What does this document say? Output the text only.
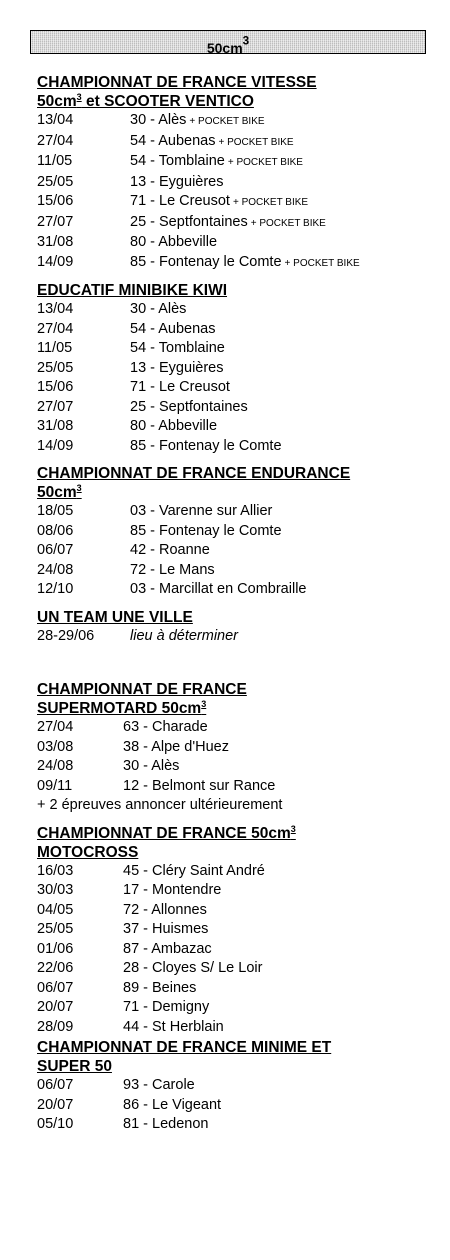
$50cm^3$
CHAMPIONNAT DE FRANCE VITESSE
$50cm^3$ et SCOOTER VENTICO
13/04	30 - Alès + POCKET BIKE
27/04	54 - Aubenas + POCKET BIKE
11/05	54 - Tomblaine + POCKET BIKE
25/05	13 - Eyguières
15/06	71 - Le Creusot + POCKET BIKE
27/07	25 - Septfontaines + POCKET BIKE
31/08	80 - Abbeville
14/09	85 - Fontenay le Comte + POCKET BIKE
EDUCATIF MINIBIKE KIWI
13/04	30 - Alès
27/04	54 - Aubenas
11/05	54 - Tomblaine
25/05	13 - Eyguières
15/06	71 - Le Creusot
27/07	25 - Septfontaines
31/08	80 - Abbeville
14/09	85 - Fontenay le Comte
CHAMPIONNAT DE FRANCE ENDURANCE
$50cm^3$
18/05	03 - Varenne sur Allier
08/06	85 - Fontenay le Comte
06/07	42 - Roanne
24/08	72 - Le Mans
12/10	03 - Marcillat en Combraille
UN TEAM UNE VILLE
28-29/06	lieu à déterminer
CHAMPIONNAT DE FRANCE
SUPERMOTARD $50cm^3$
27/04	63 - Charade
03/08	38 - Alpe d'Huez
24/08	30 - Alès
09/11	12 - Belmont sur Rance
+ 2 épreuves annoncer ultérieurement
CHAMPIONNAT DE FRANCE $50cm^3$
MOTOCROSS
16/03	45 - Cléry Saint André
30/03	17 - Montendre
04/05	72 - Allonnes
25/05	37 - Huismes
01/06	87 - Ambazac
22/06	28 - Cloyes S/ Le Loir
06/07	89 - Beines
20/07	71 - Demigny
28/09	44 - St Herblain
CHAMPIONNAT DE FRANCE MINIME ET
SUPER 50
06/07	93 - Carole
20/07	86 - Le Vigeant
05/10	81 - Ledenon
